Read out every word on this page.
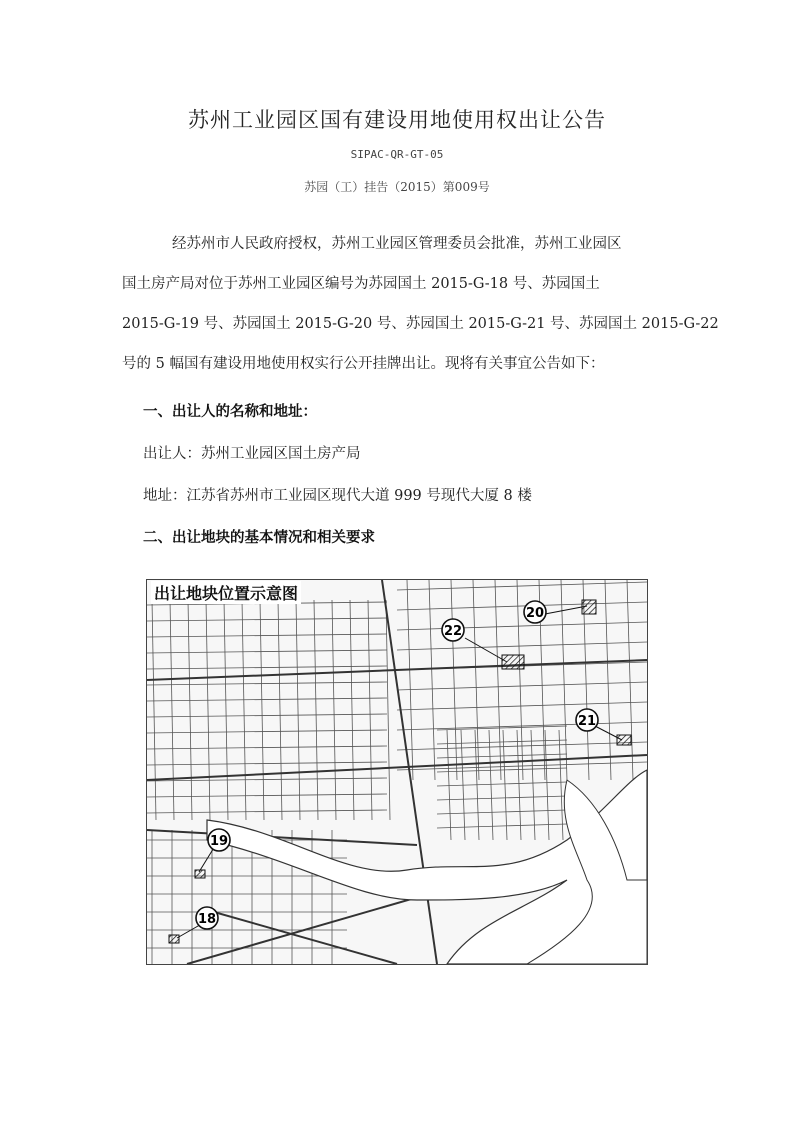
苏州工业园区国有建设用地使用权出让公告
SIPAC-QR-GT-05
苏园（工）挂告（2015）第009号
经苏州市人民政府授权，苏州工业园区管理委员会批准，苏州工业园区
国土房产局对位于苏州工业园区编号为苏园国土 2015-G-18 号、苏园国土
2015-G-19 号、苏园国土 2015-G-20 号、苏园国土 2015-G-21 号、苏园国土 2015-G-22
号的 5 幅国有建设用地使用权实行公开挂牌出让。现将有关事宜公告如下：
一、出让人的名称和地址：
出让人：苏州工业园区国土房产局
地址：江苏省苏州市工业园区现代大道 999 号现代大厦 8 楼
二、出让地块的基本情况和相关要求
22
20
21
19
18
出让地块位置示意图
